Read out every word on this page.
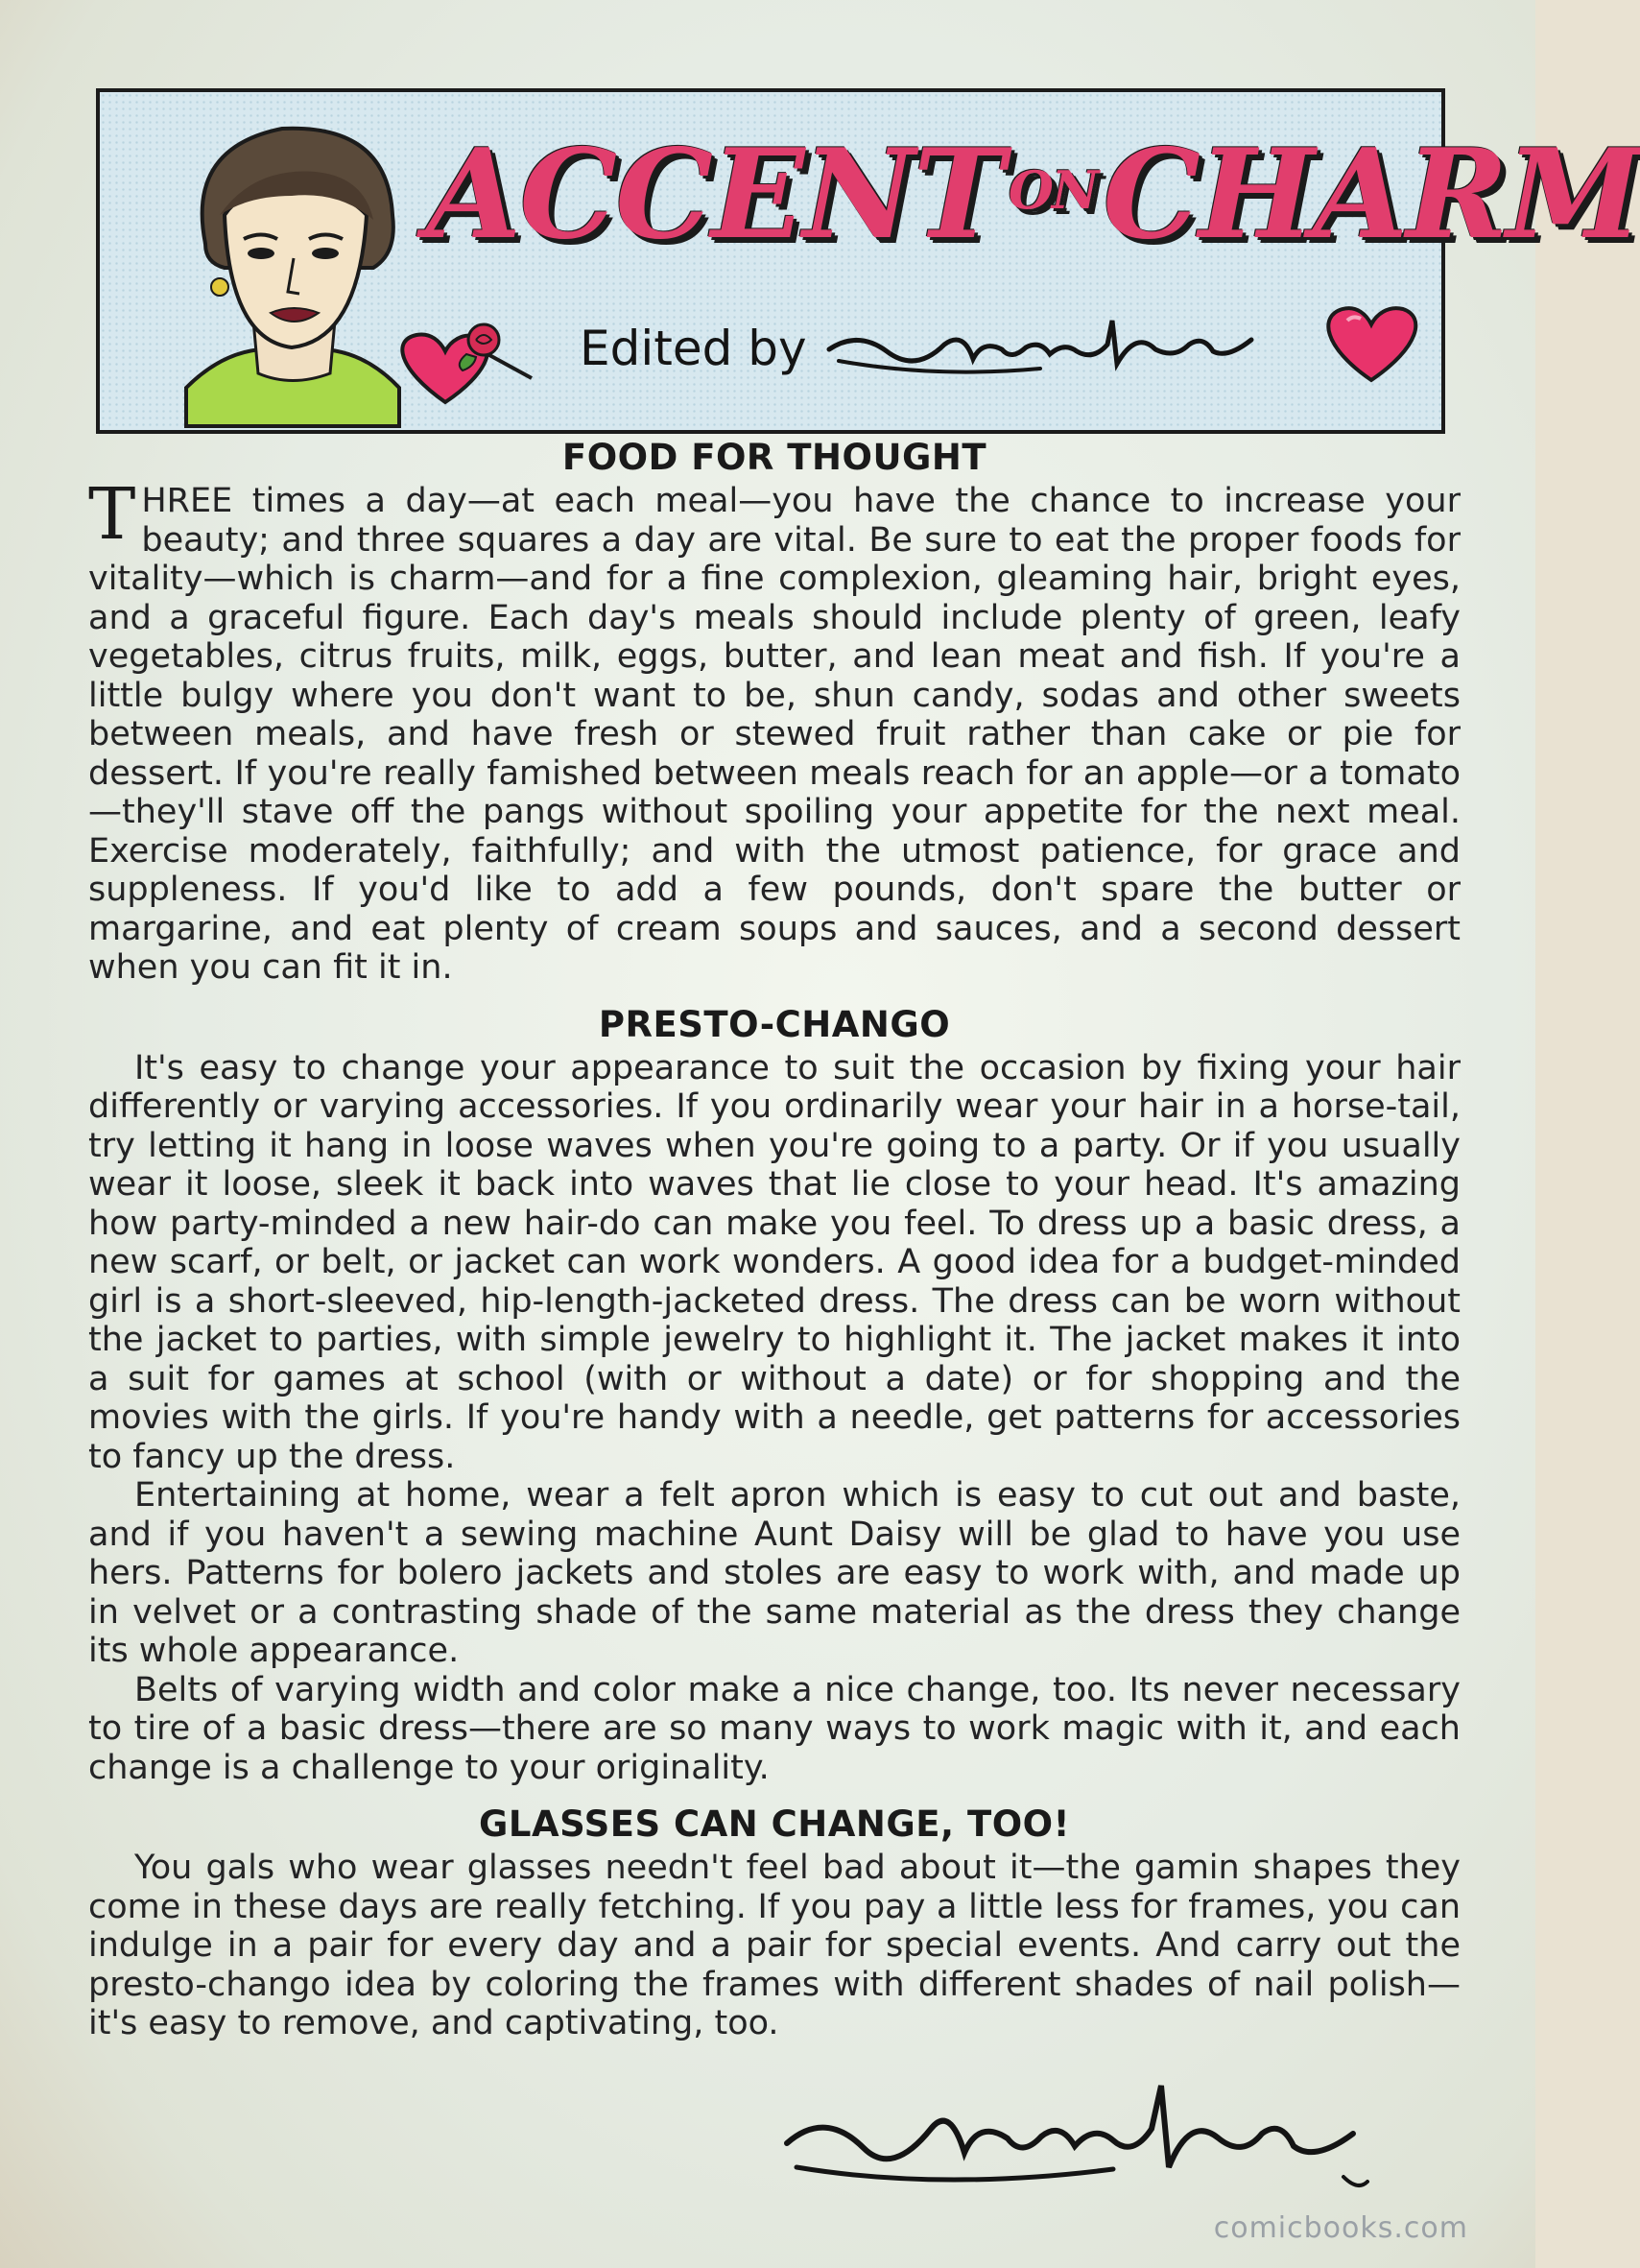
ACCENT ONCHARM
Edited by
FOOD FOR THOUGHT

THREE times a day—at each meal—you have the chance to increase your beauty; and three squares a day are vital. Be sure to eat the proper foods for vitality—which is charm—and for a fine complexion, gleaming hair, bright eyes, and a graceful figure. Each day's meals should include plenty of green, leafy vegetables, citrus fruits, milk, eggs, butter, and lean meat and fish. If you're a little bulgy where you don't want to be, shun candy, sodas and other sweets between meals, and have fresh or stewed fruit rather than cake or pie for dessert. If you're really famished between meals reach for an apple—or a tomato—they'll stave off the pangs without spoiling your appetite for the next meal. Exercise moderately, faithfully; and with the utmost patience, for grace and suppleness. If you'd like to add a few pounds, don't spare the butter or margarine, and eat plenty of cream soups and sauces, and a second dessert when you can fit it in.

PRESTO-CHANGO

It's easy to change your appearance to suit the occasion by fixing your hair differently or varying accessories. If you ordinarily wear your hair in a horse-tail, try letting it hang in loose waves when you're going to a party. Or if you usually wear it loose, sleek it back into waves that lie close to your head. It's amazing how party-minded a new hair-do can make you feel. To dress up a basic dress, a new scarf, or belt, or jacket can work wonders. A good idea for a budget-minded girl is a short-sleeved, hip-length-jacketed dress. The dress can be worn without the jacket to parties, with simple jewelry to highlight it. The jacket makes it into a suit for games at school (with or without a date) or for shopping and the movies with the girls. If you're handy with a needle, get patterns for accessories to fancy up the dress.

Entertaining at home, wear a felt apron which is easy to cut out and baste, and if you haven't a sewing machine Aunt Daisy will be glad to have you use hers. Patterns for bolero jackets and stoles are easy to work with, and made up in velvet or a contrasting shade of the same material as the dress they change its whole appearance.

Belts of varying width and color make a nice change, too. Its never necessary to tire of a basic dress—there are so many ways to work magic with it, and each change is a challenge to your originality.

GLASSES CAN CHANGE, TOO!

You gals who wear glasses needn't feel bad about it—the gamin shapes they come in these days are really fetching. If you pay a little less for frames, you can indulge in a pair for every day and a pair for special events. And carry out the presto-chango idea by coloring the frames with different shades of nail polish—it's easy to remove, and captivating, too.

comicbooks.com
